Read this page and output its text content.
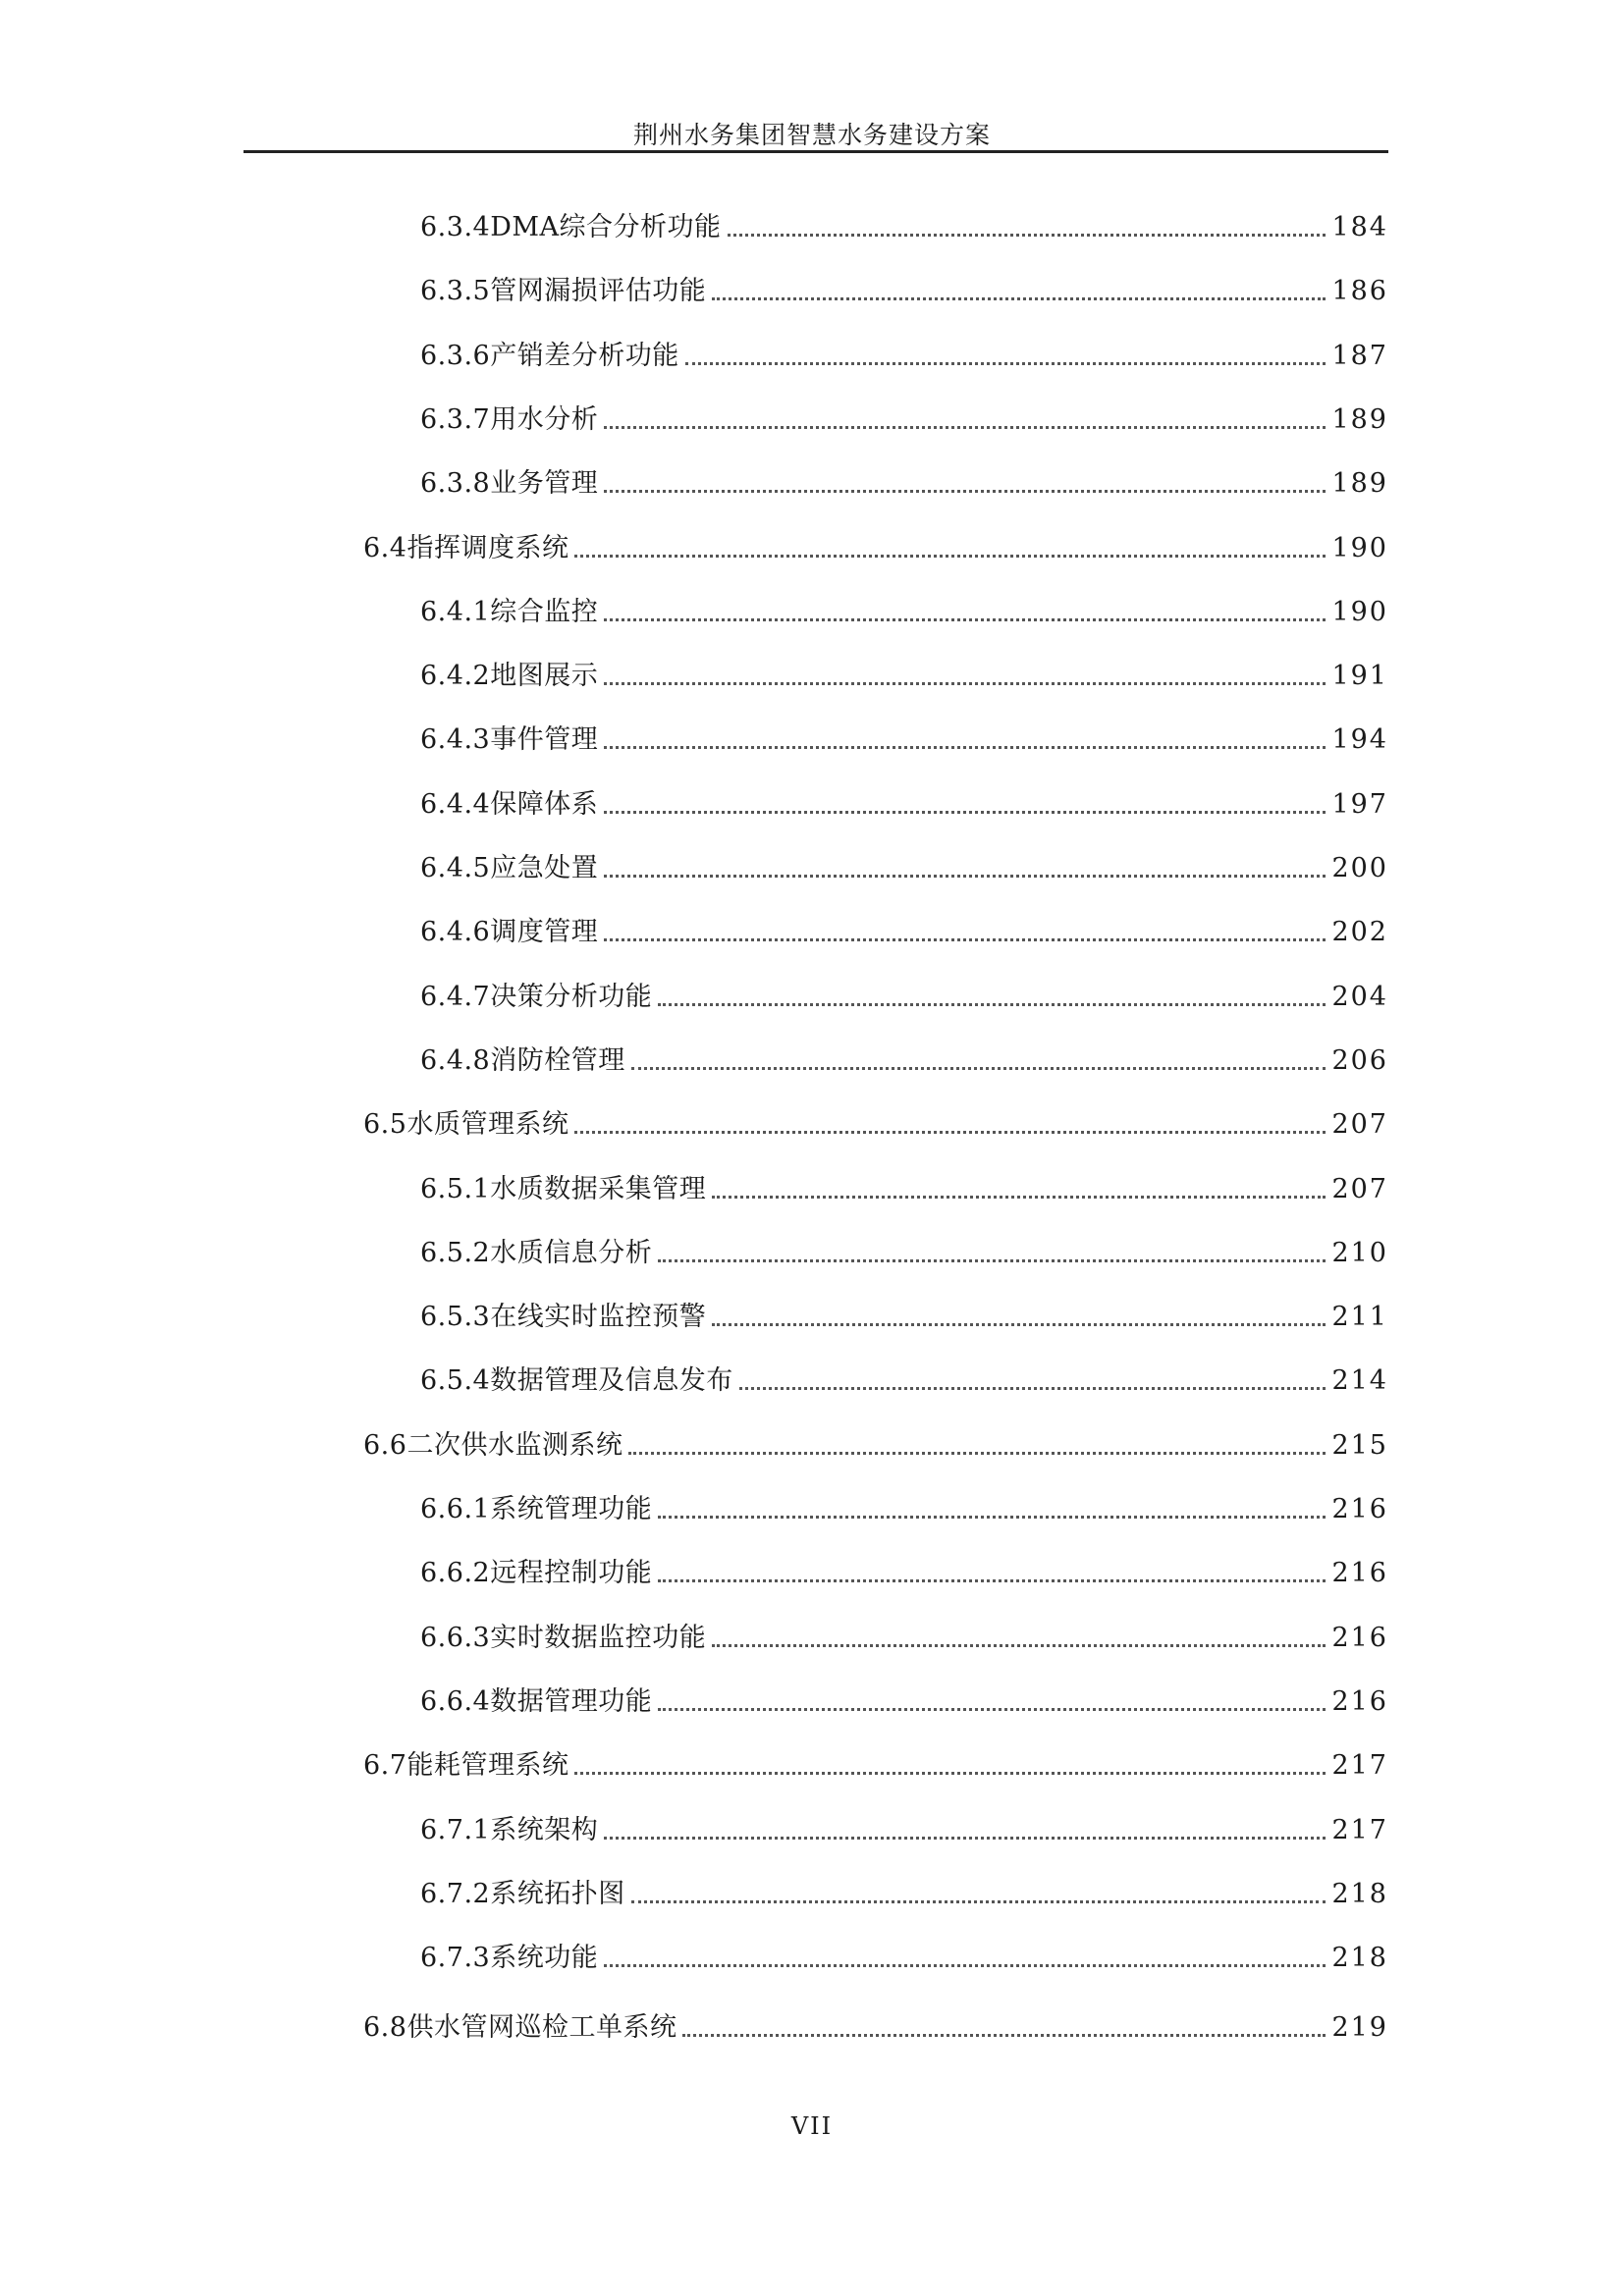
荆州水务集团智慧水务建设方案
6.3.4DMA综合分析功能	184
6.3.5管网漏损评估功能	186
6.3.6产销差分析功能	187
6.3.7用水分析	189
6.3.8业务管理	189
6.4指挥调度系统	190
6.4.1综合监控	190
6.4.2地图展示	191
6.4.3事件管理	194
6.4.4保障体系	197
6.4.5应急处置	200
6.4.6调度管理	202
6.4.7决策分析功能	204
6.4.8消防栓管理	206
6.5水质管理系统	207
6.5.1水质数据采集管理	207
6.5.2水质信息分析	210
6.5.3在线实时监控预警	211
6.5.4数据管理及信息发布	214
6.6二次供水监测系统	215
6.6.1系统管理功能	216
6.6.2远程控制功能	216
6.6.3实时数据监控功能	216
6.6.4数据管理功能	216
6.7能耗管理系统	217
6.7.1系统架构	217
6.7.2系统拓扑图	218
6.7.3系统功能	218
6.8供水管网巡检工单系统	219
VII
